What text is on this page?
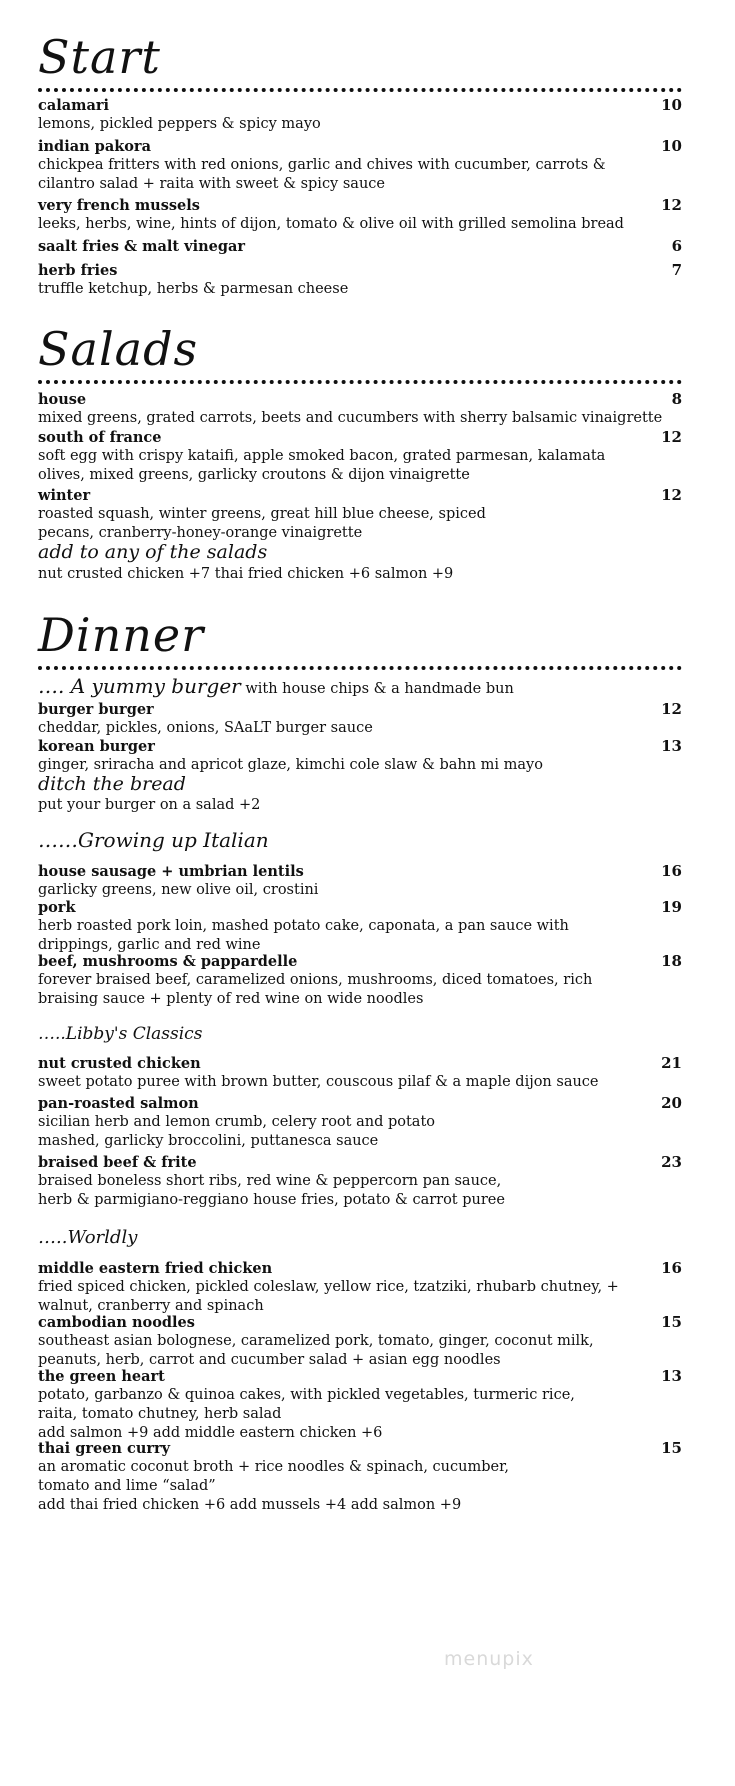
Start
calamari	10
lemons, pickled peppers & spicy mayo
indian pakora	10
chickpea fritters with red onions, garlic and chives with cucumber, carrots & cilantro salad + raita with sweet & spicy sauce
very french mussels	12
leeks, herbs, wine, hints of dijon, tomato & olive oil with grilled semolina bread
saalt fries & malt vinegar	6
herb fries	7
truffle ketchup, herbs & parmesan cheese
Salads
house	8
mixed greens, grated carrots, beets and cucumbers with sherry balsamic vinaigrette
south of france	12
soft egg with crispy kataifi, apple smoked bacon, grated parmesan, kalamata olives, mixed greens, garlicky croutons & dijon vinaigrette
winter	12
roasted squash, winter greens, great hill blue cheese, spiced pecans, cranberry-honey-orange vinaigrette
add to any of the salads
nut crusted chicken +7 thai fried chicken +6 salmon +9
Dinner
…. A yummy burger with house chips & a handmade bun
burger burger	12
cheddar, pickles, onions, SAaLT burger sauce
korean burger	13
ginger, sriracha and apricot glaze, kimchi cole slaw & bahn mi mayo
ditch the bread
put your burger on a salad +2
……Growing up Italian
house sausage + umbrian lentils	16
garlicky greens, new olive oil, crostini
pork	19
herb roasted pork loin, mashed potato cake, caponata, a pan sauce with drippings, garlic and red wine
beef, mushrooms & pappardelle	18
forever braised beef, caramelized onions, mushrooms, diced tomatoes, rich braising sauce + plenty of red wine on wide noodles
…..Libby's Classics
nut crusted chicken	21
sweet potato puree with brown butter, couscous pilaf & a maple dijon sauce
pan-roasted salmon	20
sicilian herb and lemon crumb, celery root and potato mashed, garlicky broccolini, puttanesca sauce
braised beef & frite	23
braised boneless short ribs, red wine & peppercorn pan sauce, herb & parmigiano-reggiano house fries, potato & carrot puree
…..Worldly
middle eastern fried chicken	16
fried spiced chicken, pickled coleslaw, yellow rice, tzatziki, rhubarb chutney, + walnut, cranberry and spinach
cambodian noodles	15
southeast asian bolognese, caramelized pork, tomato, ginger, coconut milk, peanuts, herb, carrot and cucumber salad + asian egg noodles
the green heart	13
potato, garbanzo & quinoa cakes, with pickled vegetables, turmeric rice, raita, tomato chutney, herb salad
add salmon +9 add middle eastern chicken +6
thai green curry	15
an aromatic coconut broth + rice noodles & spinach, cucumber, tomato and lime “salad”
add thai fried chicken +6 add mussels +4 add salmon +9
menupix
